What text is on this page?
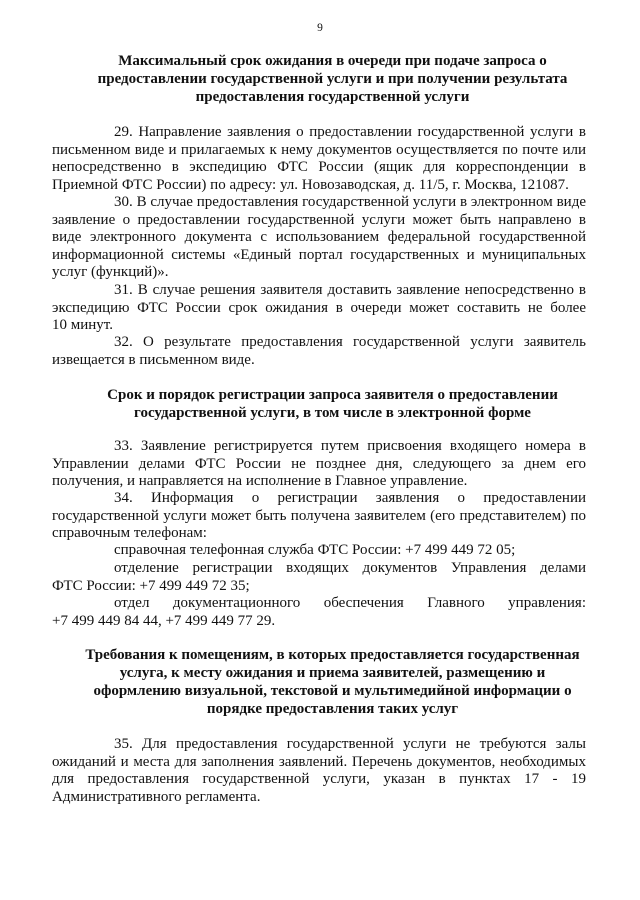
9
Максимальный срок ожидания в очереди при подаче запроса о
предоставлении государственной услуги и при получении результата
предоставления государственной услуги
29. Направление заявления о предоставлении государственной услуги в
письменном виде и прилагаемых к нему документов осуществляется по почте или
непосредственно в экспедицию ФТС России (ящик для корреспонденции в
Приемной ФТС России) по адресу: ул. Новозаводская, д. 11/5, г. Москва, 121087.
30. В случае предоставления государственной услуги в электронном виде
заявление о предоставлении государственной услуги может быть направлено в
виде электронного документа с использованием федеральной государственной
информационной системы «Единый портал государственных и муниципальных
услуг (функций)».
31. В случае решения заявителя доставить заявление непосредственно в
экспедицию ФТС России срок ожидания в очереди может составить не более
10 минут.
32. О результате предоставления государственной услуги заявитель
извещается в письменном виде.
Срок и порядок регистрации запроса заявителя о предоставлении
государственной услуги, в том числе в электронной форме
33. Заявление регистрируется путем присвоения входящего номера в
Управлении делами ФТС России не позднее дня, следующего за днем его
получения, и направляется на исполнение в Главное управление.
34. Информация о регистрации заявления о предоставлении
государственной услуги может быть получена заявителем (его представителем) по
справочным телефонам:
справочная телефонная служба ФТС России: +7 499 449 72 05;
отделение регистрации входящих документов Управления делами
ФТС России: +7 499 449 72 35;
отдел документационного обеспечения Главного управления:
+7 499 449 84 44, +7 499 449 77 29.
Требования к помещениям, в которых предоставляется государственная
услуга, к месту ожидания и приема заявителей, размещению и
оформлению визуальной, текстовой и мультимедийной информации о
порядке предоставления таких услуг
35. Для предоставления государственной услуги не требуются залы
ожиданий и места для заполнения заявлений. Перечень документов, необходимых
для предоставления государственной услуги, указан в пунктах 17 - 19
Административного регламента.
